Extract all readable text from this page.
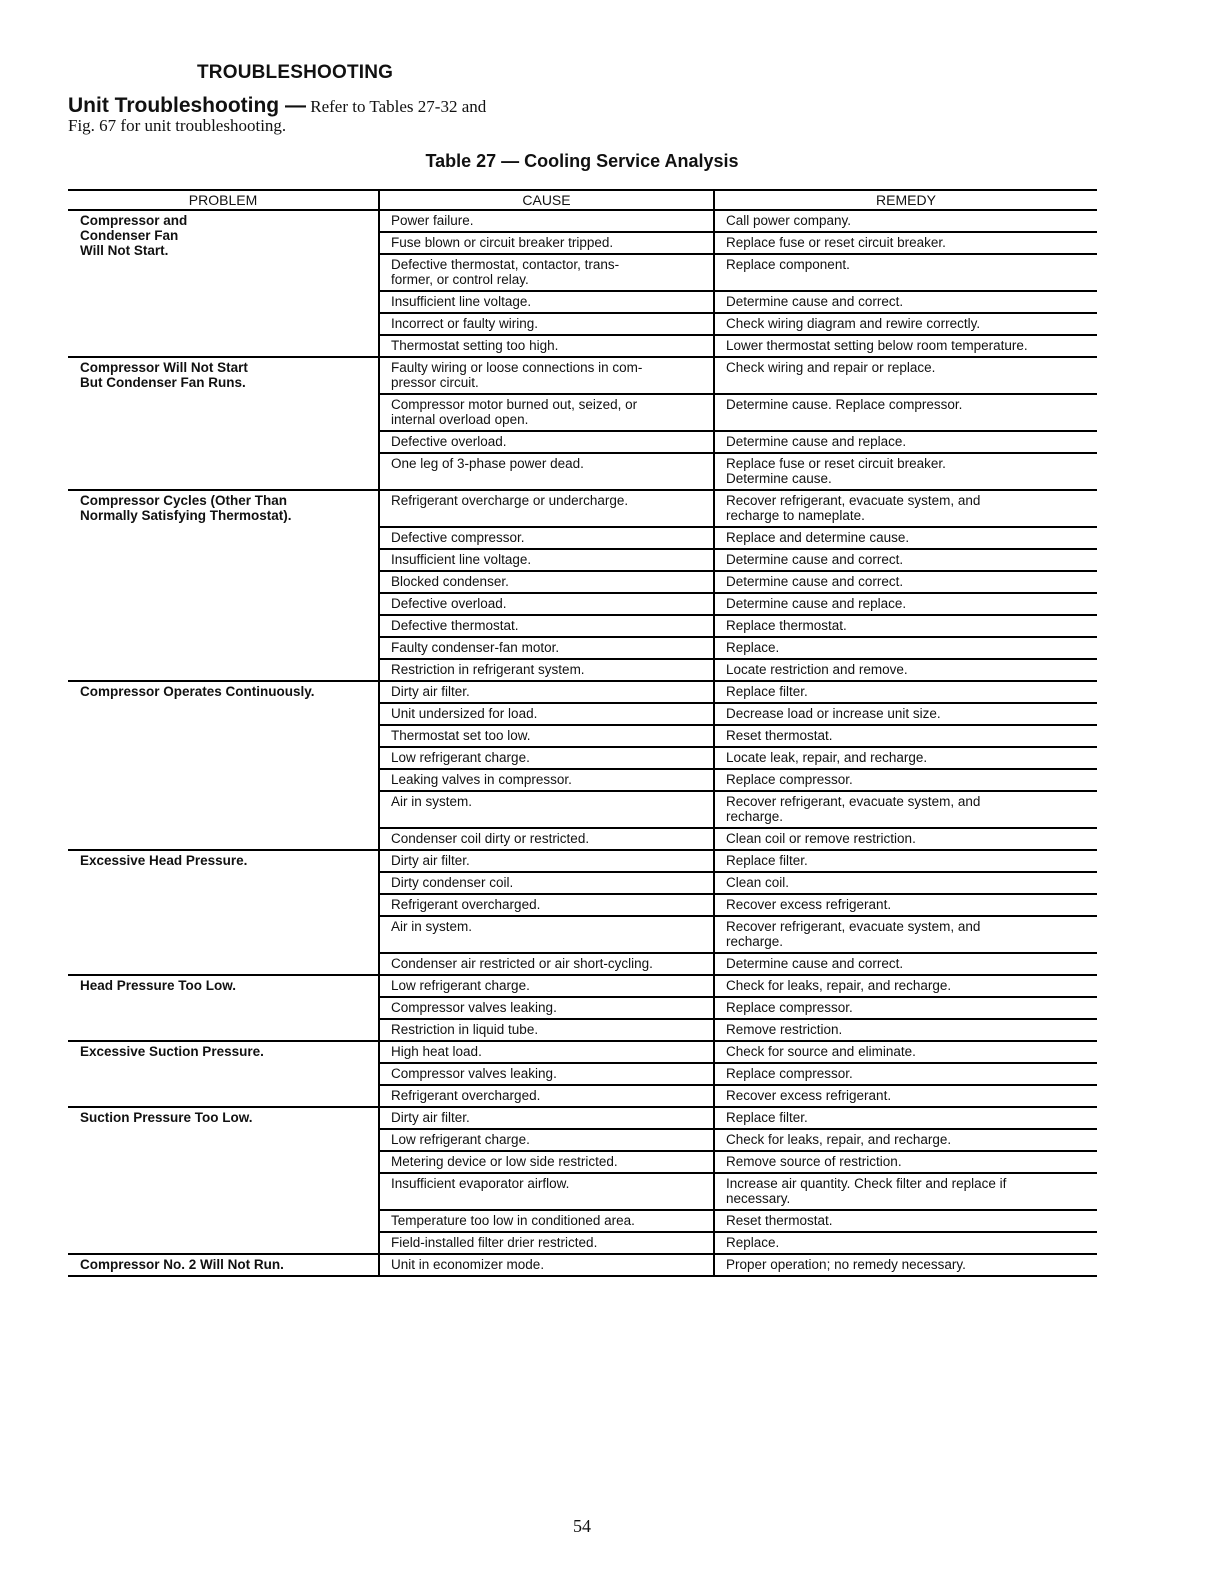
TROUBLESHOOTING

Unit Troubleshooting — Refer to Tables 27-32 and
Fig. 67 for unit troubleshooting.

Table 27 — Cooling Service Analysis
PROBLEM	CAUSE	REMEDY
Compressor and
Condenser Fan
Will Not Start.	Power failure.	Call power company.
	Fuse blown or circuit breaker tripped.	Replace fuse or reset circuit breaker.
	Defective thermostat, contactor, trans-
former, or control relay.	Replace component.
	Insufficient line voltage.	Determine cause and correct.
	Incorrect or faulty wiring.	Check wiring diagram and rewire correctly.
	Thermostat setting too high.	Lower thermostat setting below room temperature.
Compressor Will Not Start
But Condenser Fan Runs.	Faulty wiring or loose connections in com-
pressor circuit.	Check wiring and repair or replace.
	Compressor motor burned out, seized, or
internal overload open.	Determine cause. Replace compressor.
	Defective overload.	Determine cause and replace.
	One leg of 3-phase power dead.	Replace fuse or reset circuit breaker.
Determine cause.
Compressor Cycles (Other Than
Normally Satisfying Thermostat).	Refrigerant overcharge or undercharge.	Recover refrigerant, evacuate system, and
recharge to nameplate.
	Defective compressor.	Replace and determine cause.
	Insufficient line voltage.	Determine cause and correct.
	Blocked condenser.	Determine cause and correct.
	Defective overload.	Determine cause and replace.
	Defective thermostat.	Replace thermostat.
	Faulty condenser-fan motor.	Replace.
	Restriction in refrigerant system.	Locate restriction and remove.
Compressor Operates Continuously.	Dirty air filter.	Replace filter.
	Unit undersized for load.	Decrease load or increase unit size.
	Thermostat set too low.	Reset thermostat.
	Low refrigerant charge.	Locate leak, repair, and recharge.
	Leaking valves in compressor.	Replace compressor.
	Air in system.	Recover refrigerant, evacuate system, and
recharge.
	Condenser coil dirty or restricted.	Clean coil or remove restriction.
Excessive Head Pressure.	Dirty air filter.	Replace filter.
	Dirty condenser coil.	Clean coil.
	Refrigerant overcharged.	Recover excess refrigerant.
	Air in system.	Recover refrigerant, evacuate system, and
recharge.
	Condenser air restricted or air short-cycling.	Determine cause and correct.
Head Pressure Too Low.	Low refrigerant charge.	Check for leaks, repair, and recharge.
	Compressor valves leaking.	Replace compressor.
	Restriction in liquid tube.	Remove restriction.
Excessive Suction Pressure.	High heat load.	Check for source and eliminate.
	Compressor valves leaking.	Replace compressor.
	Refrigerant overcharged.	Recover excess refrigerant.
Suction Pressure Too Low.	Dirty air filter.	Replace filter.
	Low refrigerant charge.	Check for leaks, repair, and recharge.
	Metering device or low side restricted.	Remove source of restriction.
	Insufficient evaporator airflow.	Increase air quantity. Check filter and replace if
necessary.
	Temperature too low in conditioned area.	Reset thermostat.
	Field-installed filter drier restricted.	Replace.
Compressor No. 2 Will Not Run.	Unit in economizer mode.	Proper operation; no remedy necessary.

54
